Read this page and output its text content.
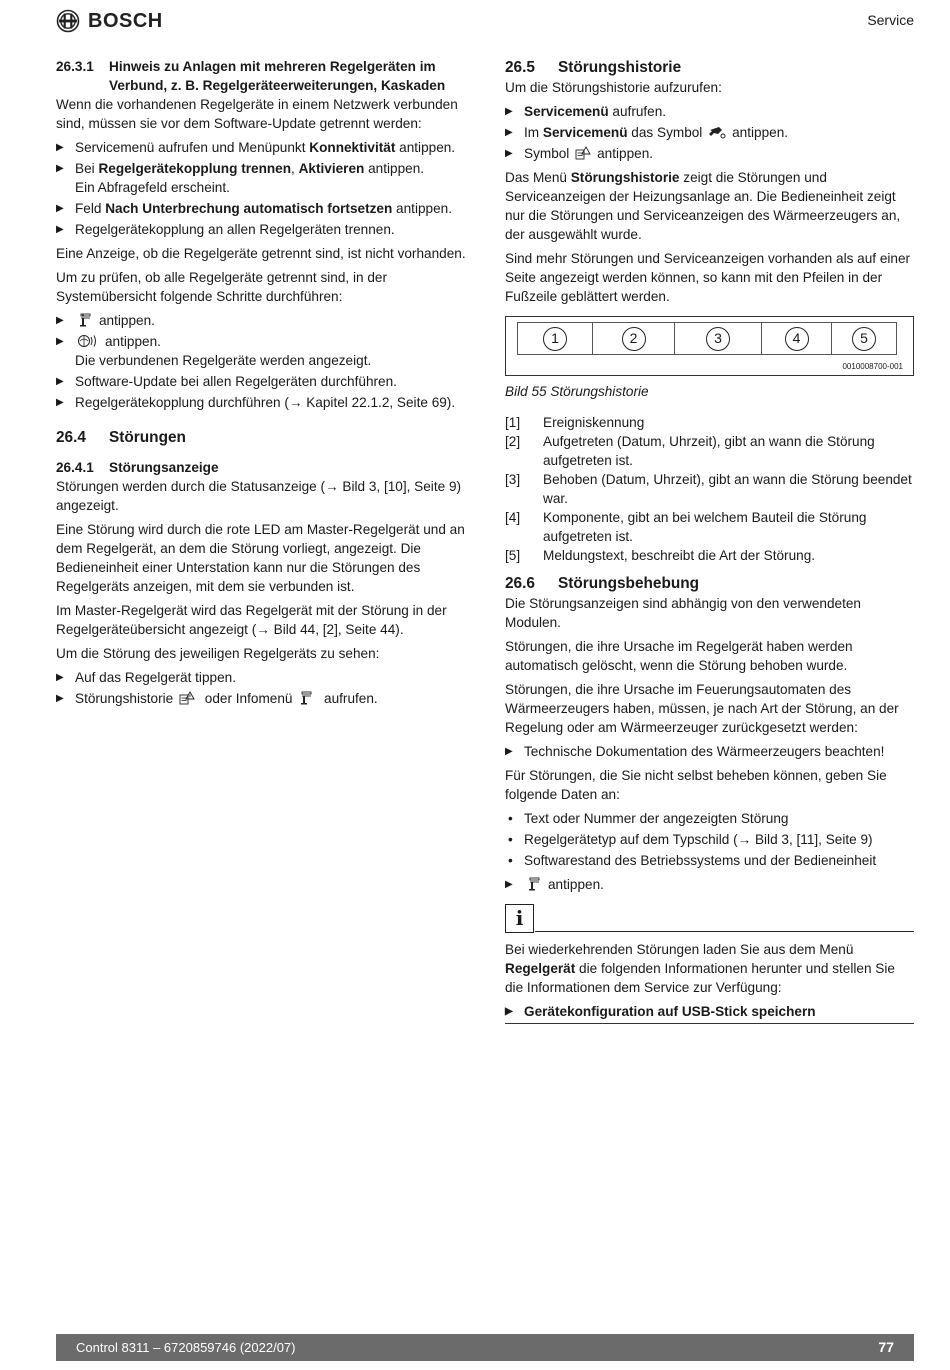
BOSCH	Service
26.3.1 Hinweis zu Anlagen mit mehreren Regelgeräten im
Verbund, z. B. Regelgeräteerweiterungen, Kaskaden

Wenn die vorhandenen Regelgeräte in einem Netzwerk verbunden sind, müssen sie vor dem Software-Update getrennt werden:

▶ Servicemenü aufrufen und Menüpunkt Konnektivität antippen.
▶ Bei Regelgerätekopplung trennen, Aktivieren antippen.
Ein Abfragefeld erscheint.
▶ Feld Nach Unterbrechung automatisch fortsetzen antippen.
▶ Regelgerätekopplung an allen Regelgeräten trennen.

Eine Anzeige, ob die Regelgeräte getrennt sind, ist nicht vorhanden.

Um zu prüfen, ob alle Regelgeräte getrennt sind, in der Systemübersicht folgende Schritte durchführen:

▶ antippen.
▶ antippen.
Die verbundenen Regelgeräte werden angezeigt.
▶ Software-Update bei allen Regelgeräten durchführen.
▶ Regelgerätekopplung durchführen (→ Kapitel 22.1.2, Seite 69).
26.4 Störungen
26.4.1 Störungsanzeige

Störungen werden durch die Statusanzeige (→ Bild 3, [10], Seite 9) angezeigt.

Eine Störung wird durch die rote LED am Master-Regelgerät und an dem Regelgerät, an dem die Störung vorliegt, angezeigt. Die Bedieneinheit einer Unterstation kann nur die Störungen des Regelgeräts anzeigen, mit dem sie verbunden ist.

Im Master-Regelgerät wird das Regelgerät mit der Störung in der Regelgeräteübersicht angezeigt (→ Bild 44, [2], Seite 44).

Um die Störung des jeweiligen Regelgeräts zu sehen:

▶ Auf das Regelgerät tippen.
▶ Störungshistorie oder Infomenü aufrufen.
26.5 Störungshistorie

Um die Störungshistorie aufzurufen:

▶ Servicemenü aufrufen.
▶ Im Servicemenü das Symbol antippen.
▶ Symbol antippen.

Das Menü Störungshistorie zeigt die Störungen und Serviceanzeigen der Heizungsanlage an. Die Bedieneinheit zeigt nur die Störungen und Serviceanzeigen des Wärmeerzeugers an, der ausgewählt wurde.

Sind mehr Störungen und Serviceanzeigen vorhanden als auf einer Seite angezeigt werden können, so kann mit den Pfeilen in der Fußzeile geblättert werden.

1	2	3	4	5
0010008700-001
Bild 55 Störungshistorie
[1]	Ereigniskennung
[2]	Aufgetreten (Datum, Uhrzeit), gibt an wann die Störung aufgetreten ist.
[3]	Behoben (Datum, Uhrzeit), gibt an wann die Störung beendet war.
[4]	Komponente, gibt an bei welchem Bauteil die Störung aufgetreten ist.
[5]	Meldungstext, beschreibt die Art der Störung.
26.6 Störungsbehebung

Die Störungsanzeigen sind abhängig von den verwendeten Modulen.

Störungen, die ihre Ursache im Regelgerät haben werden automatisch gelöscht, wenn die Störung behoben wurde.

Störungen, die ihre Ursache im Feuerungsautomaten des Wärmeerzeugers haben, müssen, je nach Art der Störung, an der Regelung oder am Wärmeerzeuger zurückgesetzt werden:

▶ Technische Dokumentation des Wärmeerzeugers beachten!

Für Störungen, die Sie nicht selbst beheben können, geben Sie folgende Daten an:

• Text oder Nummer der angezeigten Störung
• Regelgerätetyp auf dem Typschild (→ Bild 3, [11], Seite 9)
• Softwarestand des Betriebssystems und der Bedieneinheit
▶ antippen.
i

Bei wiederkehrenden Störungen laden Sie aus dem Menü Regelgerät die folgenden Informationen herunter und stellen Sie die Informationen dem Service zur Verfügung:

▶ Gerätekonfiguration auf USB-Stick speichern
Control 8311 – 6720859746 (2022/07)	77
